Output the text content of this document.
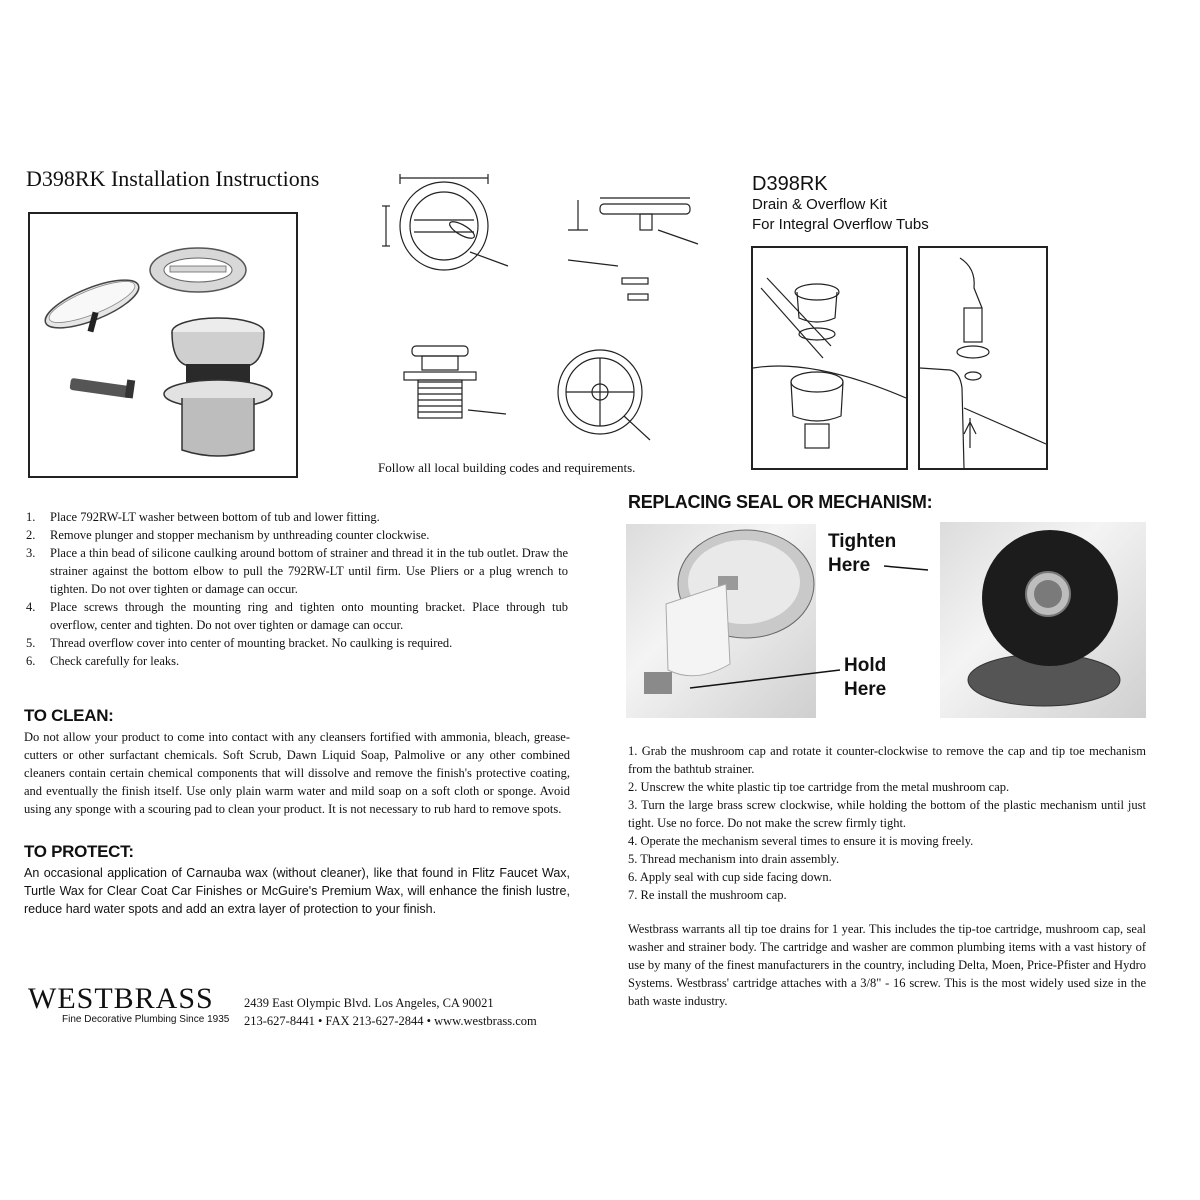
D398RK Installation Instructions
Follow all local building codes and requirements.
D398RK
Drain & Overflow Kit
For Integral Overflow Tubs
1. Place 792RW-LT washer between bottom of tub and lower fitting.
2. Remove plunger and stopper mechanism by unthreading counter clockwise.
3. Place a thin bead of silicone caulking around bottom of strainer and thread it in the tub outlet. Draw the strainer against the bottom elbow to pull the 792RW-LT until firm. Use Pliers or a plug wrench to tighten. Do not over tighten or damage can occur.
4. Place screws through the mounting ring and tighten onto mounting bracket. Place through tub overflow, center and tighten. Do not over tighten or damage can occur.
5. Thread overflow cover into center of mounting bracket. No caulking is required.
6. Check carefully for leaks.
TO CLEAN:
Do not allow your product to come into contact with any cleansers fortified with ammonia, bleach, grease-cutters or other surfactant chemicals. Soft Scrub, Dawn Liquid Soap, Palmolive or any other combined cleaners contain certain chemical components that will dissolve and remove the finish's protective coating, and eventually the finish itself. Use only plain warm water and mild soap on a soft cloth or sponge. Avoid using any sponge with a scouring pad to clean your product. It is not necessary to rub hard to remove spots.
TO PROTECT:
An occasional application of Carnauba wax (without cleaner), like that found in Flitz Faucet Wax, Turtle Wax for Clear Coat Car Finishes or McGuire's Premium Wax, will enhance the finish lustre, reduce hard water spots and add an extra layer of protection to your finish.
WESTBRASS
Fine Decorative Plumbing Since 1935
2439 East Olympic Blvd. Los Angeles, CA 90021
213-627-8441 • FAX 213-627-2844 • www.westbrass.com
REPLACING SEAL OR MECHANISM:
Tighten
Here
Hold
Here
1. Grab the mushroom cap and rotate it counter-clockwise to remove the cap and tip toe mechanism from the bathtub strainer.
2. Unscrew the white plastic tip toe cartridge from the metal mushroom cap.
3. Turn the large brass screw clockwise, while holding the bottom of the plastic mechanism until just tight. Use no force. Do not make the screw firmly tight.
4. Operate the mechanism several times to ensure it is moving freely.
5. Thread mechanism into drain assembly.
6. Apply seal with cup side facing down.
7. Re install the mushroom cap.
Westbrass warrants all tip toe drains for 1 year. This includes the tip-toe cartridge, mushroom cap, seal washer and strainer body. The cartridge and washer are common plumbing items with a vast history of use by many of the finest manufacturers in the country, including Delta, Moen, Price-Pfister and Hydro Systems. Westbrass' cartridge attaches with a 3/8" - 16 screw. This is the most widely used size in the bath waste industry.
